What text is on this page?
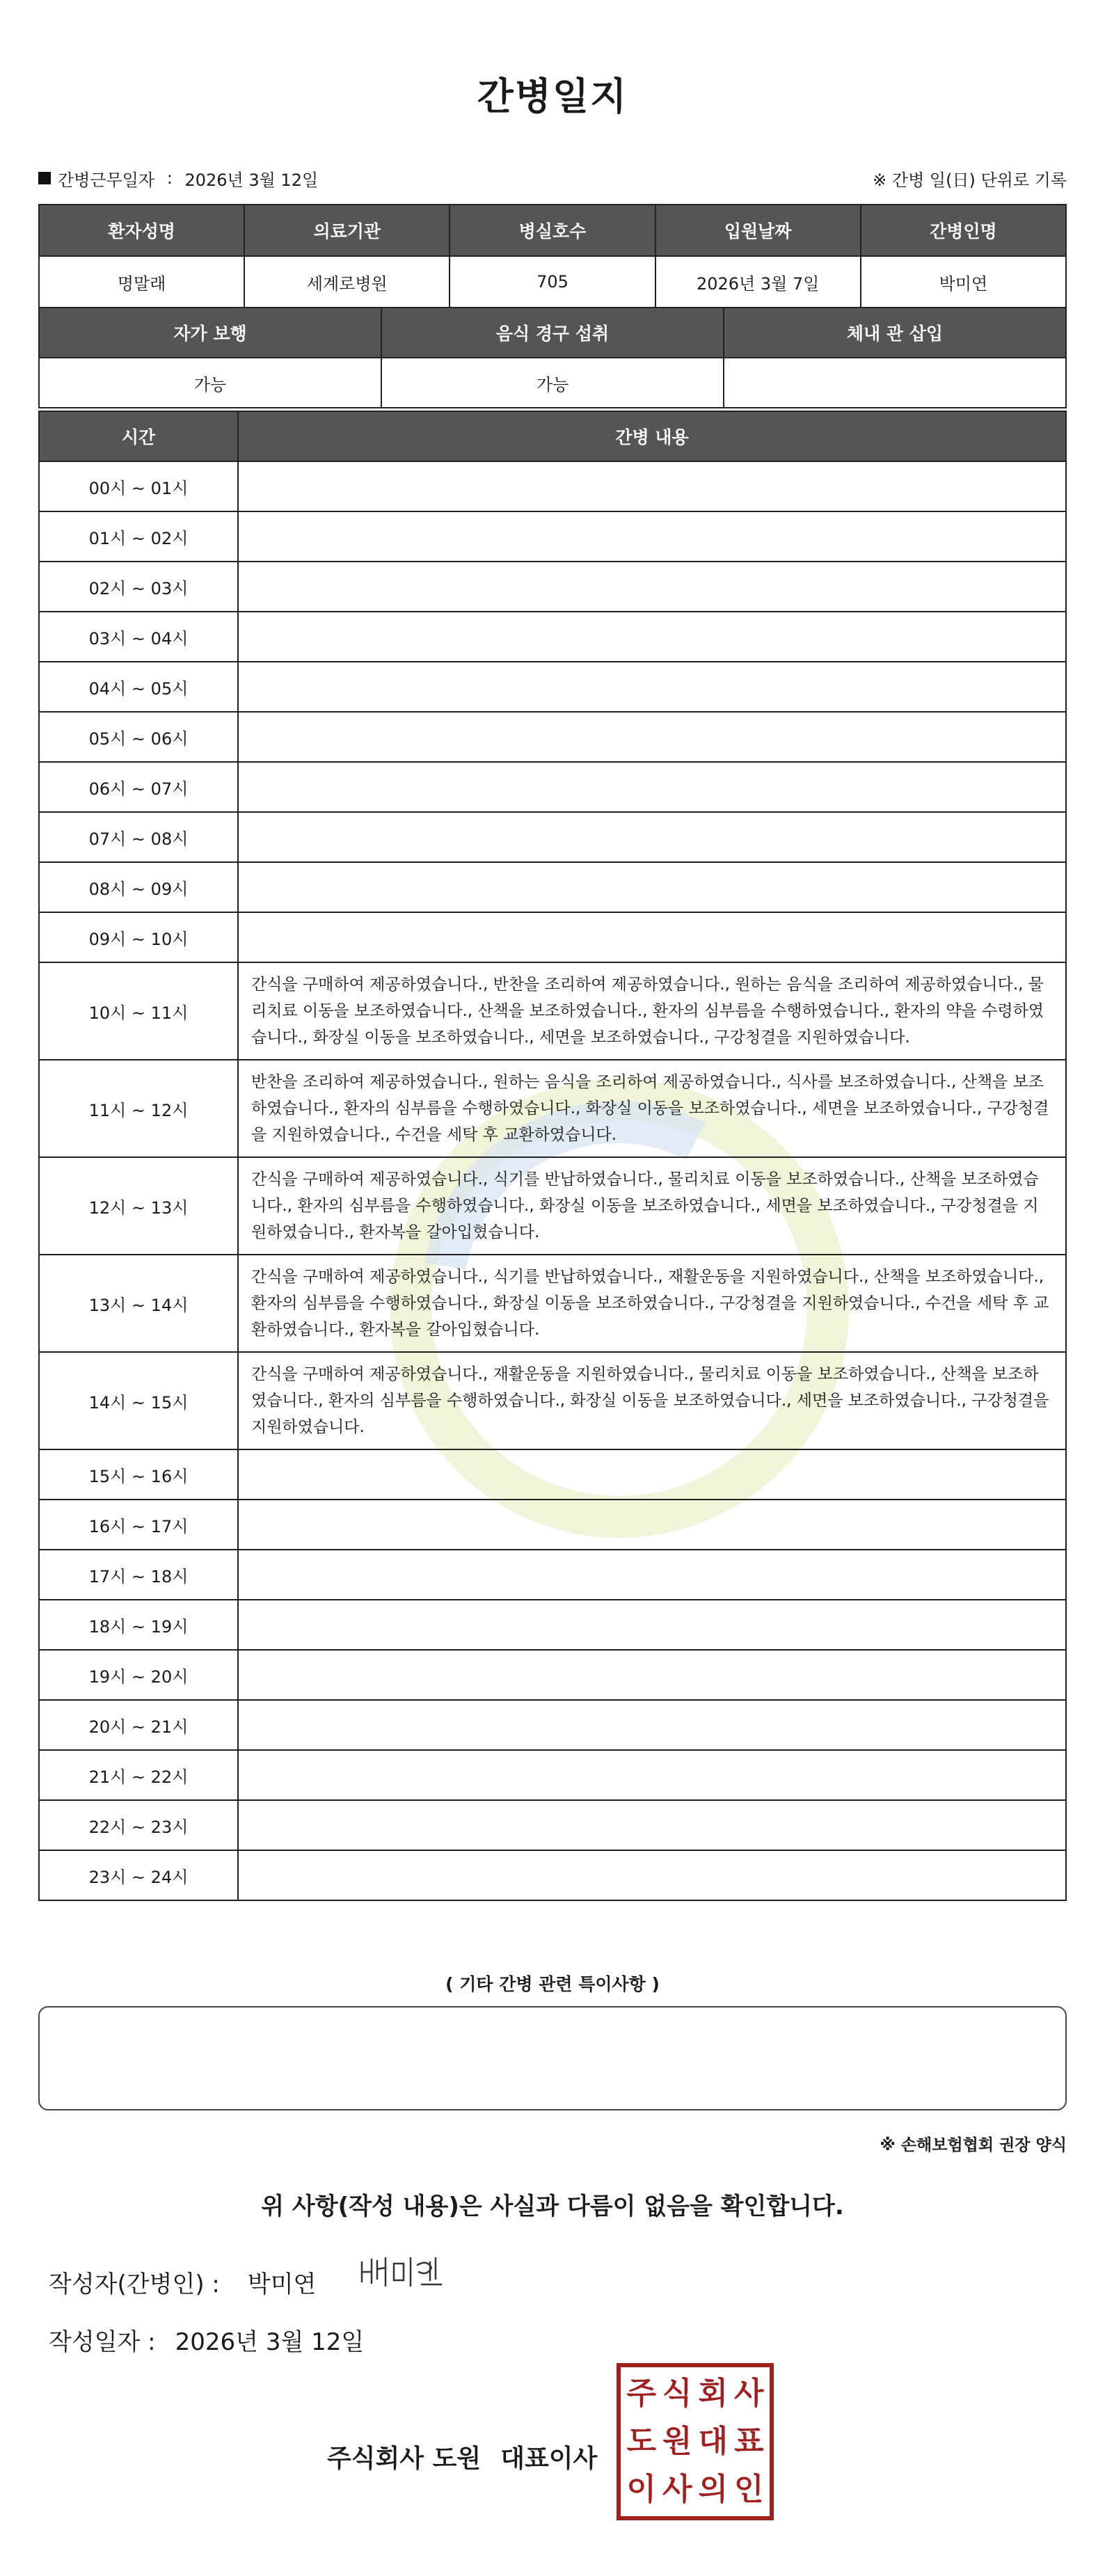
간병일지
간병근무일자 : 2026년 3월 12일	※ 간병 일(日) 단위로 기록
환자성명	의료기관	병실호수	입원날짜	간병인명
명말래	세계로병원	705	2026년 3월 7일	박미연
자가 보행	음식 경구 섭취	체내 관 삽입
가능	가능	
시간	간병 내용
00시 ~ 01시	
01시 ~ 02시	
02시 ~ 03시	
03시 ~ 04시	
04시 ~ 05시	
05시 ~ 06시	
06시 ~ 07시	
07시 ~ 08시	
08시 ~ 09시	
09시 ~ 10시	
10시 ~ 11시	간식을 구매하여 제공하였습니다., 반찬을 조리하여 제공하였습니다., 원하는 음식을 조리하여 제공하였습니다., 물리치료 이동을 보조하였습니다., 산책을 보조하였습니다., 환자의 심부름을 수행하였습니다., 환자의 약을 수령하였습니다., 화장실 이동을 보조하였습니다., 세면을 보조하였습니다., 구강청결을 지원하였습니다.
11시 ~ 12시	반찬을 조리하여 제공하였습니다., 원하는 음식을 조리하여 제공하였습니다., 식사를 보조하였습니다., 산책을 보조하였습니다., 환자의 심부름을 수행하였습니다., 화장실 이동을 보조하였습니다., 세면을 보조하였습니다., 구강청결을 지원하였습니다., 수건을 세탁 후 교환하였습니다.
12시 ~ 13시	간식을 구매하여 제공하였습니다., 식기를 반납하였습니다., 물리치료 이동을 보조하였습니다., 산책을 보조하였습니다., 환자의 심부름을 수행하였습니다., 화장실 이동을 보조하였습니다., 세면을 보조하였습니다., 구강청결을 지원하였습니다., 환자복을 갈아입혔습니다.
13시 ~ 14시	간식을 구매하여 제공하였습니다., 식기를 반납하였습니다., 재활운동을 지원하였습니다., 산책을 보조하였습니다., 환자의 심부름을 수행하였습니다., 화장실 이동을 보조하였습니다., 구강청결을 지원하였습니다., 수건을 세탁 후 교환하였습니다., 환자복을 갈아입혔습니다.
14시 ~ 15시	간식을 구매하여 제공하였습니다., 재활운동을 지원하였습니다., 물리치료 이동을 보조하였습니다., 산책을 보조하였습니다., 환자의 심부름을 수행하였습니다., 화장실 이동을 보조하였습니다., 세면을 보조하였습니다., 구강청결을 지원하였습니다.
15시 ~ 16시	
16시 ~ 17시	
17시 ~ 18시	
18시 ~ 19시	
19시 ~ 20시	
20시 ~ 21시	
21시 ~ 22시	
22시 ~ 23시	
23시 ~ 24시	
( 기타 간병 관련 특이사항 )
※ 손해보험협회 권장 양식
위 사항(작성 내용)은 사실과 다름이 없음을 확인합니다.
작성자(간병인) : 박미연
작성일자 : 2026년 3월 12일
주식회사 도원 대표이사
주 식 회 사
도 원 대 표
이 사 의 인
